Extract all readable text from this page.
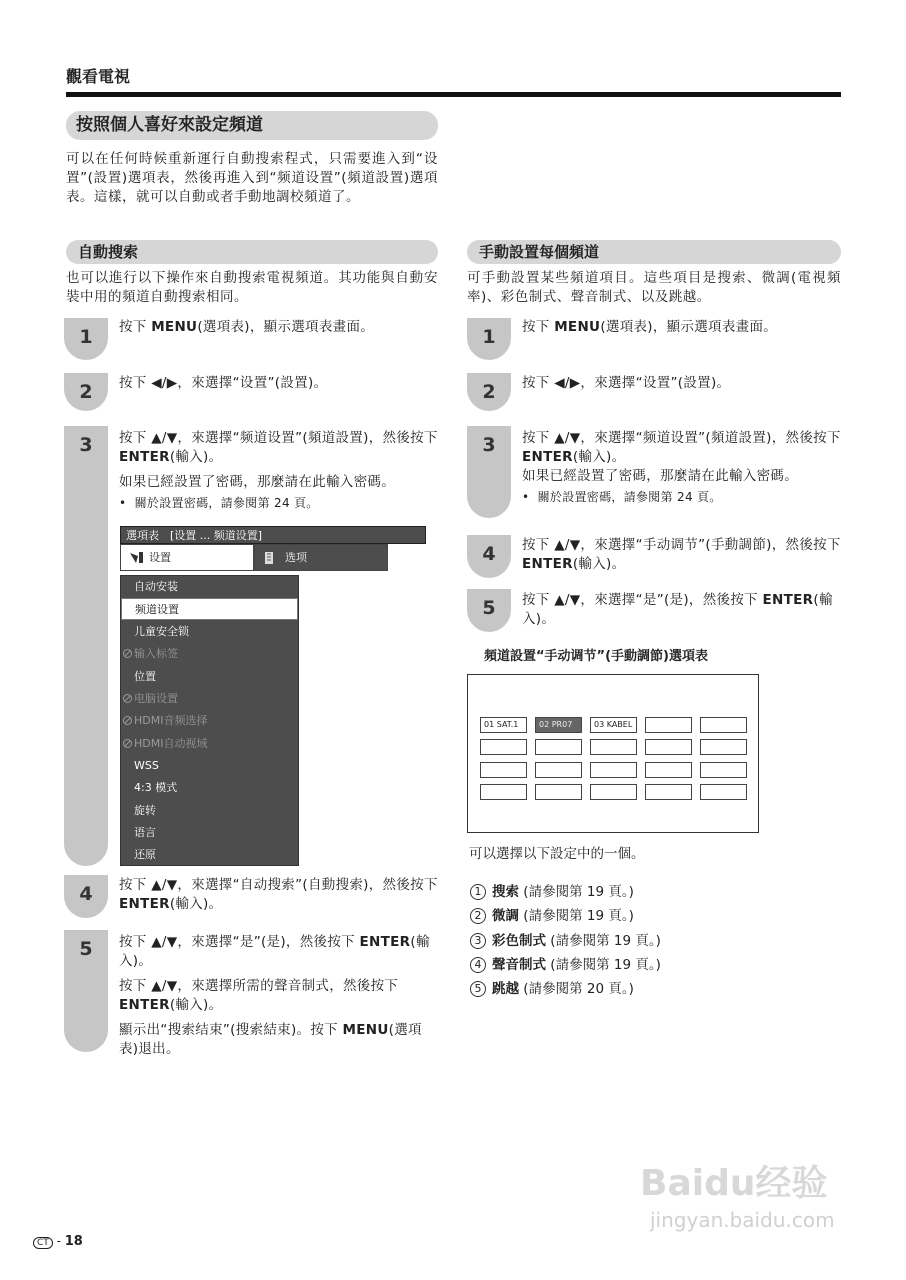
觀看電視
按照個人喜好來設定頻道
可以在任何時候重新運行自動搜索程式，只需要進入到“设置”(設置)選項表，然後再進入到“频道设置”(頻道設置)選項表。這樣，就可以自動或者手動地調校頻道了。
自動搜索
也可以進行以下操作來自動搜索電視頻道。其功能與自動安裝中用的頻道自動搜索相同。
1	按下 MENU(選項表)，顯示選項表畫面。
2	按下 ◀/▶，來選擇“设置”(設置)。
3	按下 ▲/▼，來選擇“频道设置”(頻道設置)，然後按下 ENTER(輸入)。
如果已經設置了密碼，那麼請在此輸入密碼。
•  關於設置密碼，請參閱第 24 頁。
選項表　[设置 ... 频道设置]
设置	选项
自动安装
频道设置
儿童安全锁
输入标签
位置
电脑设置
HDMI音频选择
HDMI自动视域
WSS
4:3 模式
旋转
语言
还原
4	按下 ▲/▼，來選擇“自动搜索”(自動搜索)，然後按下 ENTER(輸入)。
5	按下 ▲/▼，來選擇“是”(是)，然後按下 ENTER(輸入)。
按下 ▲/▼，來選擇所需的聲音制式，然後按下 ENTER(輸入)。
顯示出“搜索结束”(搜索結束)。按下 MENU(選項表)退出。
手動設置每個頻道
可手動設置某些頻道項目。這些項目是搜索、微調(電視頻率)、彩色制式、聲音制式、以及跳越。
1	按下 MENU(選項表)，顯示選項表畫面。
2	按下 ◀/▶，來選擇“设置”(設置)。
3	按下 ▲/▼，來選擇“频道设置”(頻道設置)，然後按下 ENTER(輸入)。
如果已經設置了密碼，那麼請在此輸入密碼。
•  關於設置密碼，請參閱第 24 頁。
4	按下 ▲/▼，來選擇“手动调节”(手動調節)，然後按下 ENTER(輸入)。
5	按下 ▲/▼，來選擇“是”(是)，然後按下 ENTER(輸入)。
頻道設置“手动调节”(手動調節)選項表
01 SAT.1	02 PR07	03 KABEL
可以選擇以下設定中的一個。
1 搜索 (請參閱第 19 頁。)
2 微調 (請參閱第 19 頁。)
3 彩色制式 (請參閱第 19 頁。)
4 聲音制式 (請參閱第 19 頁。)
5 跳越 (請參閱第 20 頁。)
Baidu经验
jingyan.baidu.com
CT - 18
